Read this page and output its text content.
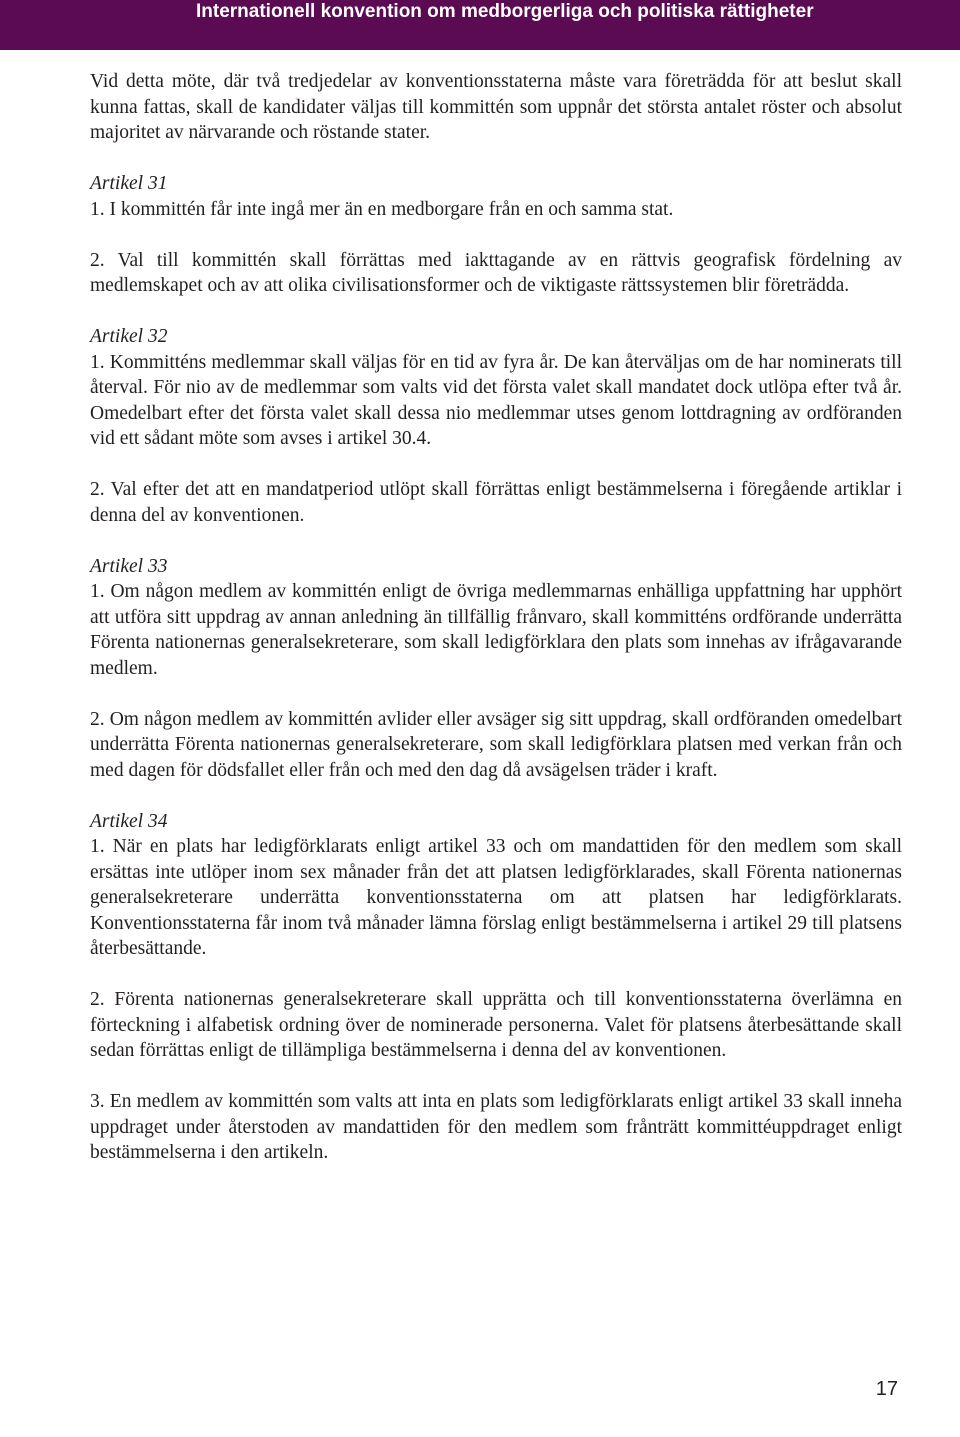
Internationell konvention om medborgerliga och politiska rättigheter

Vid detta möte, där två tredjedelar av konventionsstaterna måste vara företrädda för att beslut skall kunna fattas, skall de kandidater väljas till kommittén som uppnår det största antalet röster och absolut majoritet av närvarande och röstande stater.

Artikel 31

1. I kommittén får inte ingå mer än en medborgare från en och samma stat.

2. Val till kommittén skall förrättas med iakttagande av en rättvis geografisk fördelning av medlemskapet och av att olika civilisationsformer och de viktigaste rättssystemen blir företrädda.

Artikel 32

1. Kommitténs medlemmar skall väljas för en tid av fyra år. De kan återväljas om de har nominerats till återval. För nio av de medlemmar som valts vid det första valet skall mandatet dock utlöpa efter två år. Omedelbart efter det första valet skall dessa nio medlemmar utses genom lottdragning av ordföranden vid ett sådant möte som avses i artikel 30.4.

2. Val efter det att en mandatperiod utlöpt skall förrättas enligt bestämmelserna i föregående artiklar i denna del av konventionen.

Artikel 33

1. Om någon medlem av kommittén enligt de övriga medlemmarnas enhälliga uppfattning har upphört att utföra sitt uppdrag av annan anledning än tillfällig frånvaro, skall kommitténs ordförande underrätta Förenta nationernas generalsekreterare, som skall ledigförklara den plats som innehas av ifrågavarande medlem.

2. Om någon medlem av kommittén avlider eller avsäger sig sitt uppdrag, skall ordföranden omedelbart underrätta Förenta nationernas generalsekreterare, som skall ledigförklara platsen med verkan från och med dagen för dödsfallet eller från och med den dag då avsägelsen träder i kraft.

Artikel 34

1. När en plats har ledigförklarats enligt artikel 33 och om mandattiden för den medlem som skall ersättas inte utlöper inom sex månader från det att platsen ledigförklarades, skall Förenta nationernas generalsekreterare underrätta konventionsstaterna om att platsen har ledigförklarats. Konventionsstaterna får inom två månader lämna förslag enligt bestämmelserna i artikel 29 till platsens återbesättande.

2. Förenta nationernas generalsekreterare skall upprätta och till konventionsstaterna överlämna en förteckning i alfabetisk ordning över de nominerade personerna. Valet för platsens återbesättande skall sedan förrättas enligt de tillämpliga bestämmelserna i denna del av konventionen.

3. En medlem av kommittén som valts att inta en plats som ledigförklarats enligt artikel 33 skall inneha uppdraget under återstoden av mandattiden för den medlem som frånträtt kommittéuppdraget enligt bestämmelserna i den artikeln.

17
